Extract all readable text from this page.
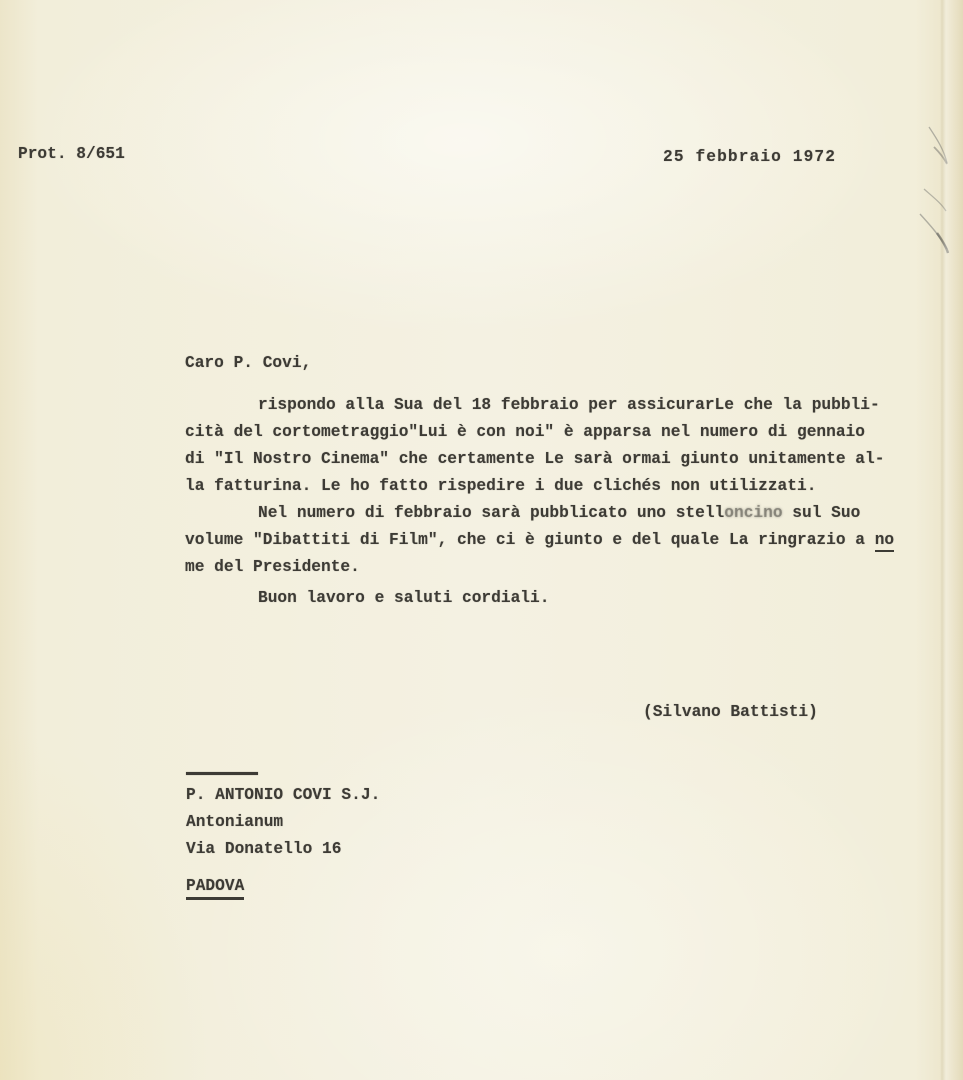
Prot. 8/651	25 febbraio 1972
Caro P. Covi,
rispondo alla Sua del 18 febbraio per assicurarLe che la pubbli-
cità del cortometraggio"Lui è con noi" è apparsa nel numero di gennaio
di "Il Nostro Cinema" che certamente Le sarà ormai giunto unitamente al-
la fatturina. Le ho fatto rispedire i due clichés non utilizzati.
Nel numero di febbraio sarà pubblicato uno stelloncino sul Suo
volume "Dibattiti di Film", che ci è giunto e del quale La ringrazio a no
me del Presidente.
Buon lavoro e saluti cordiali.
(Silvano Battisti)
P. ANTONIO COVI S.J.
Antonianum
Via Donatello 16
PADOVA
